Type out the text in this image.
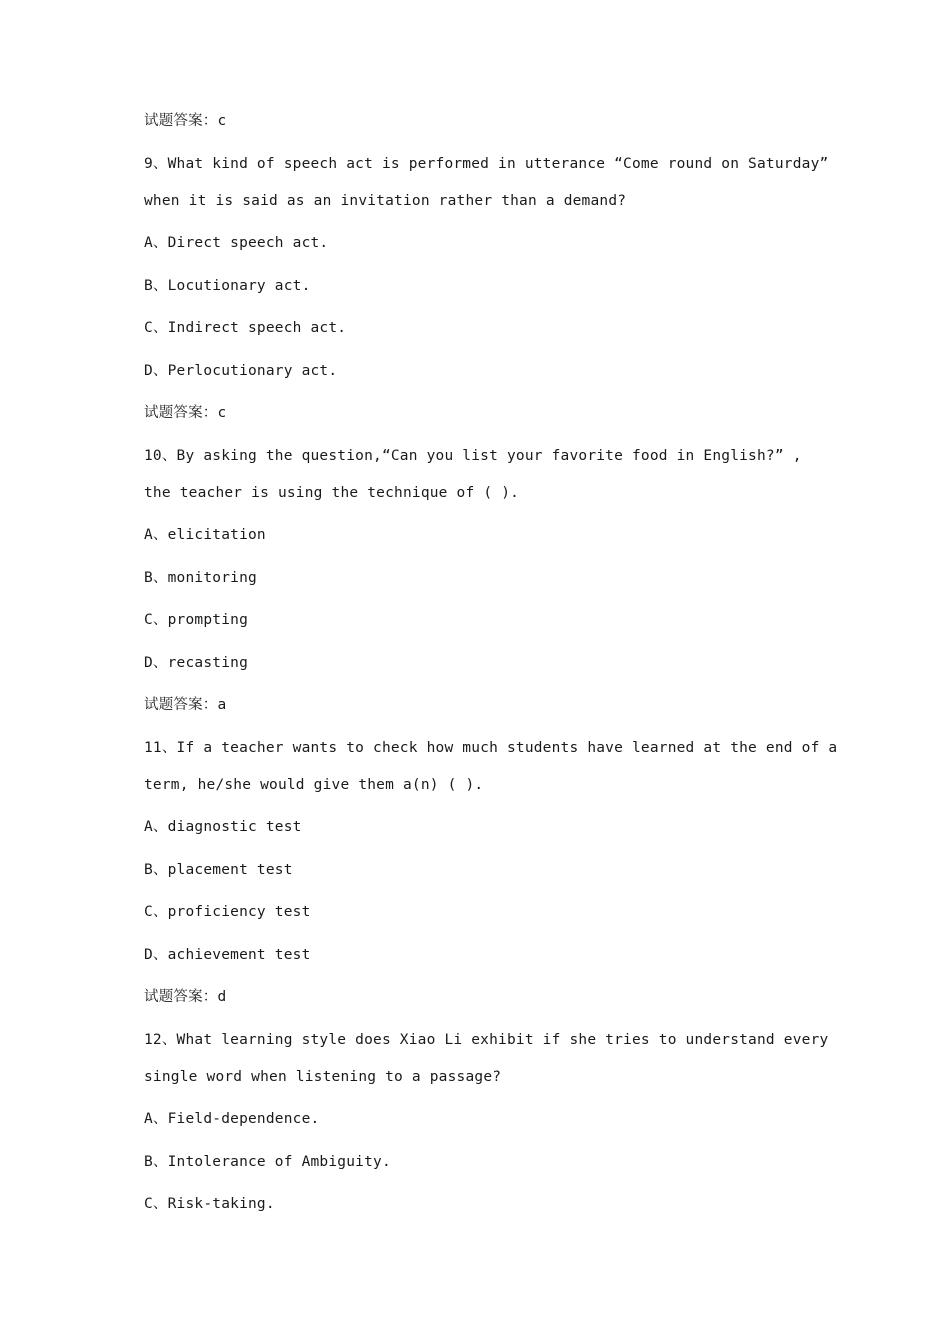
试题答案：c
9、What kind of speech act is performed in utterance “Come round on Saturday”
when it is said as an invitation rather than a demand?
A、Direct speech act.
B、Locutionary act.
C、Indirect speech act.
D、Perlocutionary act.
试题答案：c
10、By asking the question,“Can you list your favorite food in English?” ,
the teacher is using the technique of ( ).
A、elicitation
B、monitoring
C、prompting
D、recasting
试题答案：a
11、If a teacher wants to check how much students have learned at the end of a
term, he/she would give them a(n) ( ).
A、diagnostic test
B、placement test
C、proficiency test
D、achievement test
试题答案：d
12、What learning style does Xiao Li exhibit if she tries to understand every
single word when listening to a passage?
A、Field-dependence.
B、Intolerance of Ambiguity.
C、Risk-taking.
